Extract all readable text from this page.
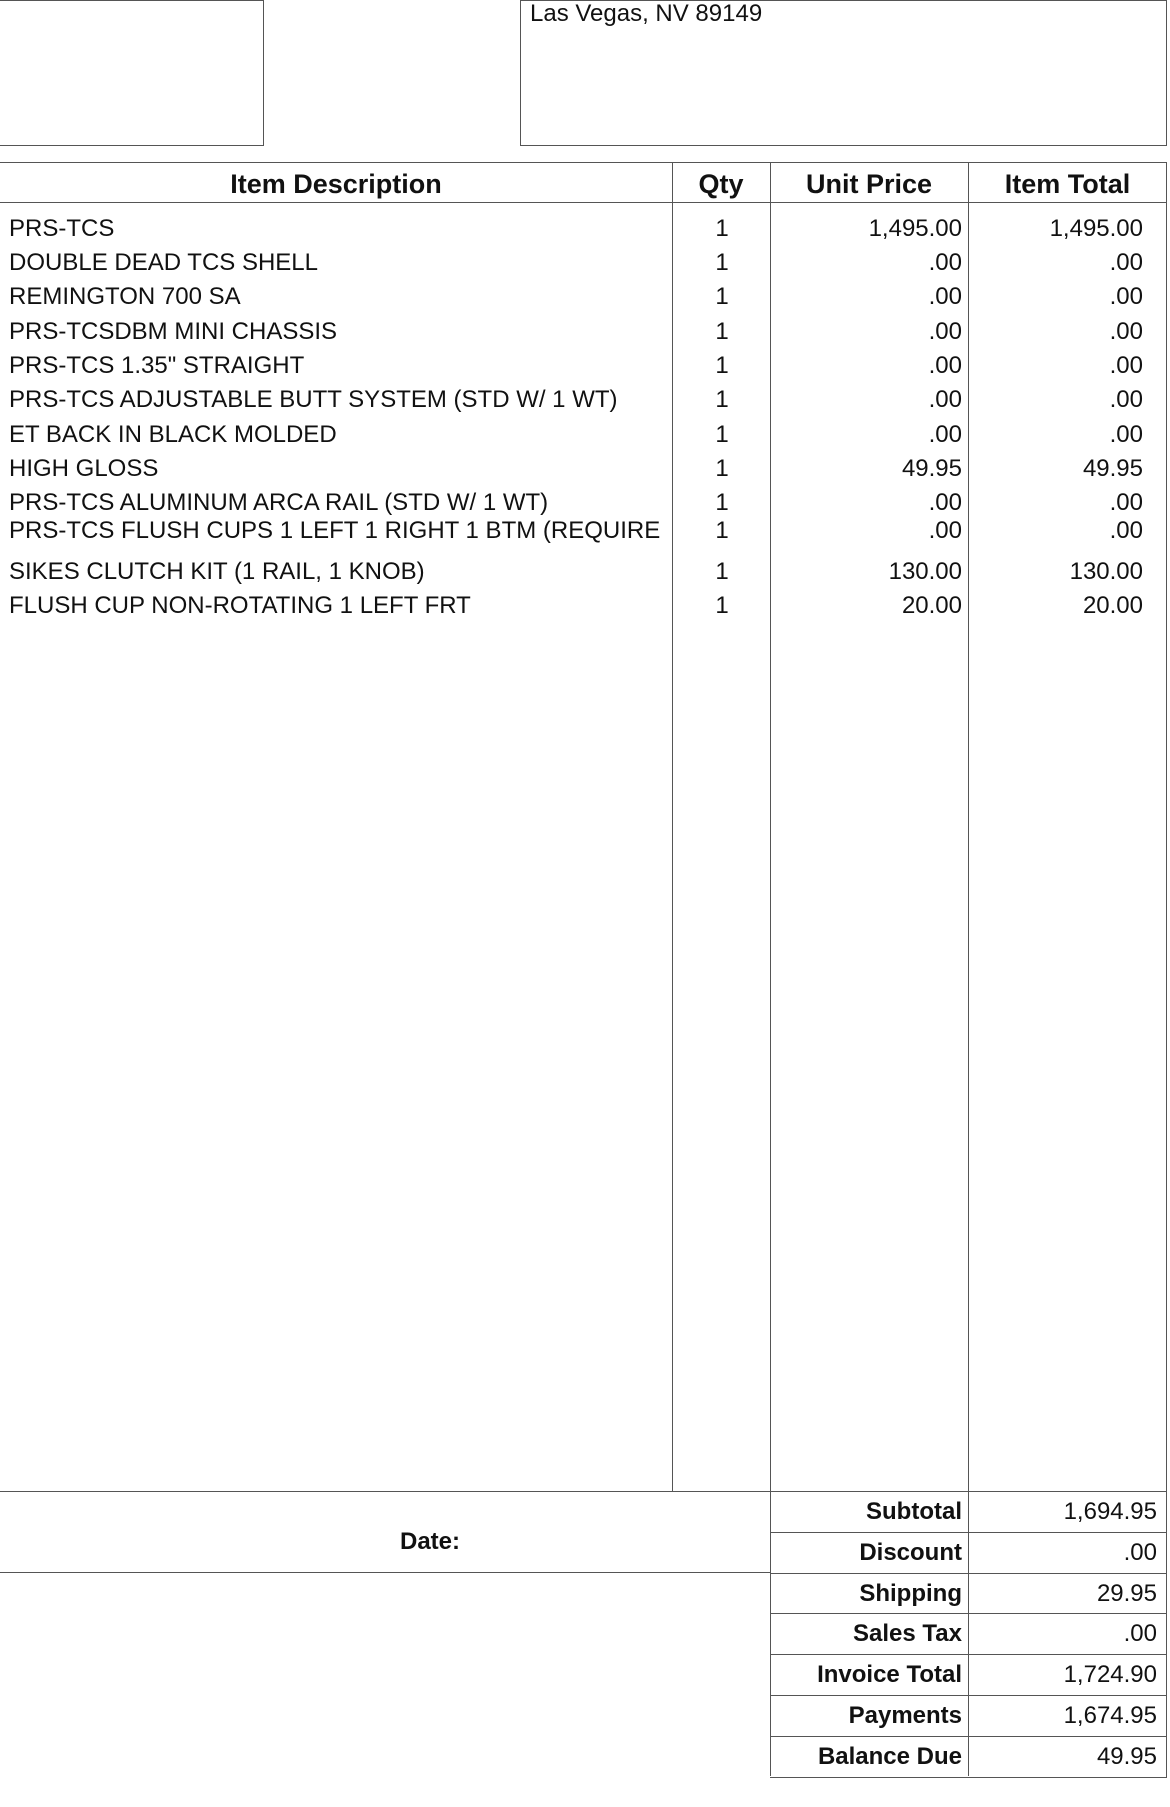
Las Vegas, NV 89149
Item Description	Qty	Unit Price	Item Total
PRS-TCS	1	1,495.00	1,495.00
DOUBLE DEAD TCS SHELL	1	.00	.00
REMINGTON 700 SA	1	.00	.00
PRS-TCSDBM MINI CHASSIS	1	.00	.00
PRS-TCS 1.35" STRAIGHT	1	.00	.00
PRS-TCS ADJUSTABLE BUTT SYSTEM (STD W/ 1 WT)	1	.00	.00
ET BACK IN BLACK MOLDED	1	.00	.00
HIGH GLOSS	1	49.95	49.95
PRS-TCS ALUMINUM ARCA RAIL (STD W/ 1 WT)	1	.00	.00
PRS-TCS FLUSH CUPS 1 LEFT 1 RIGHT 1 BTM (REQUIRE	1	.00	.00
SIKES CLUTCH KIT (1 RAIL, 1 KNOB)	1	130.00	130.00
FLUSH CUP NON-ROTATING 1 LEFT FRT	1	20.00	20.00
Date:
Subtotal	1,694.95
Discount	.00
Shipping	29.95
Sales Tax	.00
Invoice Total	1,724.90
Payments	1,674.95
Balance Due	49.95
